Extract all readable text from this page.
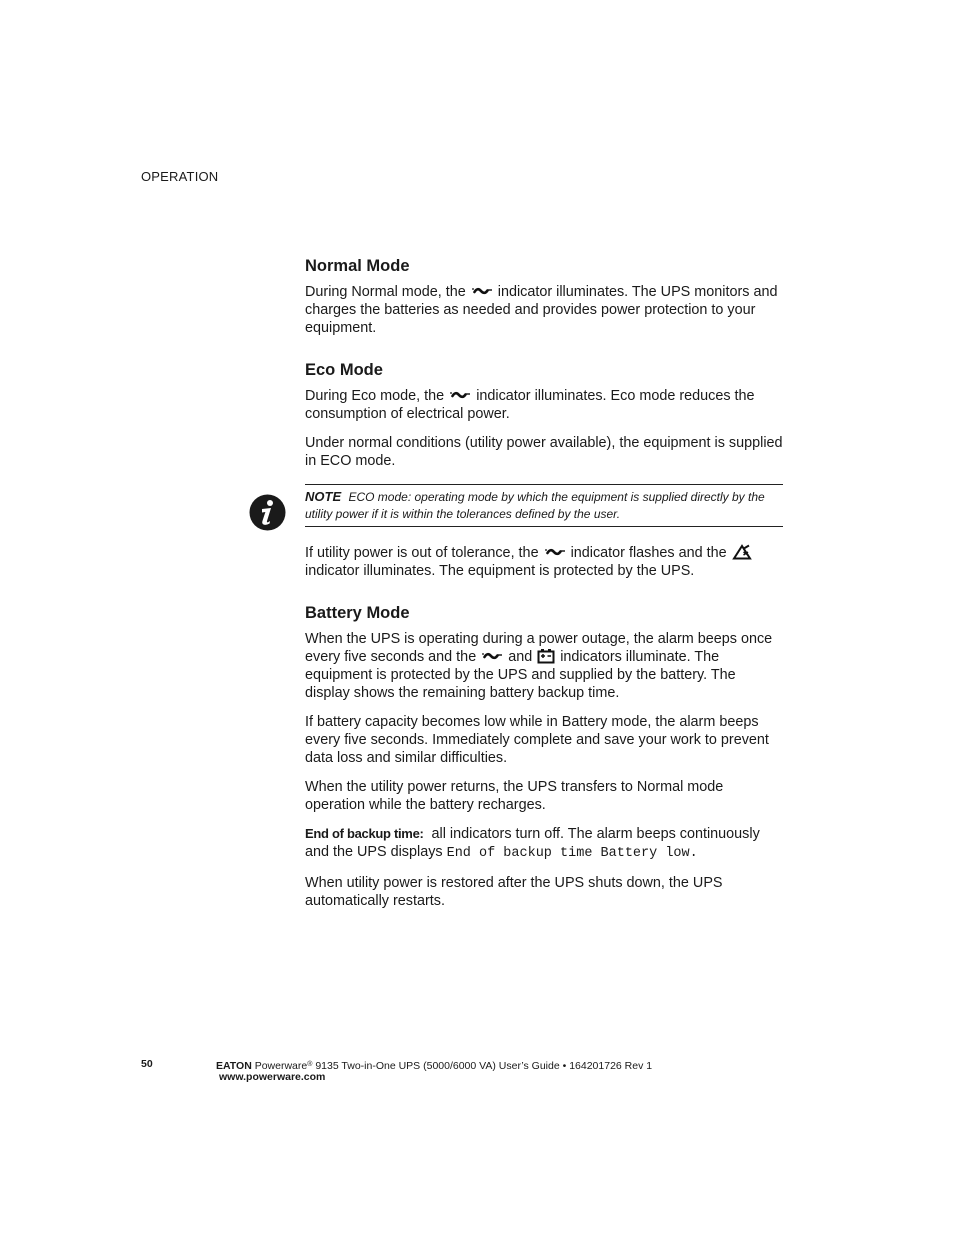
OPERATION
Normal Mode

During Normal mode, the indicator illuminates. The UPS monitors and charges the batteries as needed and provides power protection to your equipment.

Eco Mode

During Eco mode, the indicator illuminates. Eco mode reduces the consumption of electrical power.

Under normal conditions (utility power available), the equipment is supplied in ECO mode.

NOTE ECO mode: operating mode by which the equipment is supplied directly by the utility power if it is within the tolerances defined by the user.

If utility power is out of tolerance, the indicator flashes and the  indicator illuminates. The equipment is protected by the UPS.

Battery Mode

When the UPS is operating during a power outage, the alarm beeps once every five seconds and the and indicators illuminate. The equipment is protected by the UPS and supplied by the battery. The display shows the remaining battery backup time.

If battery capacity becomes low while in Battery mode, the alarm beeps every five seconds. Immediately complete and save your work to prevent data loss and similar difficulties.

When the utility power returns, the UPS transfers to Normal mode operation while the battery recharges.

End of backup time: all indicators turn off. The alarm beeps continuously and the UPS displays End of backup time Battery low.

When utility power is restored after the UPS shuts down, the UPS automatically restarts.

50	EATON Powerware® 9135 Two-in-One UPS (5000/6000 VA) User’s Guide • 164201726 Rev 1
www.powerware.com
